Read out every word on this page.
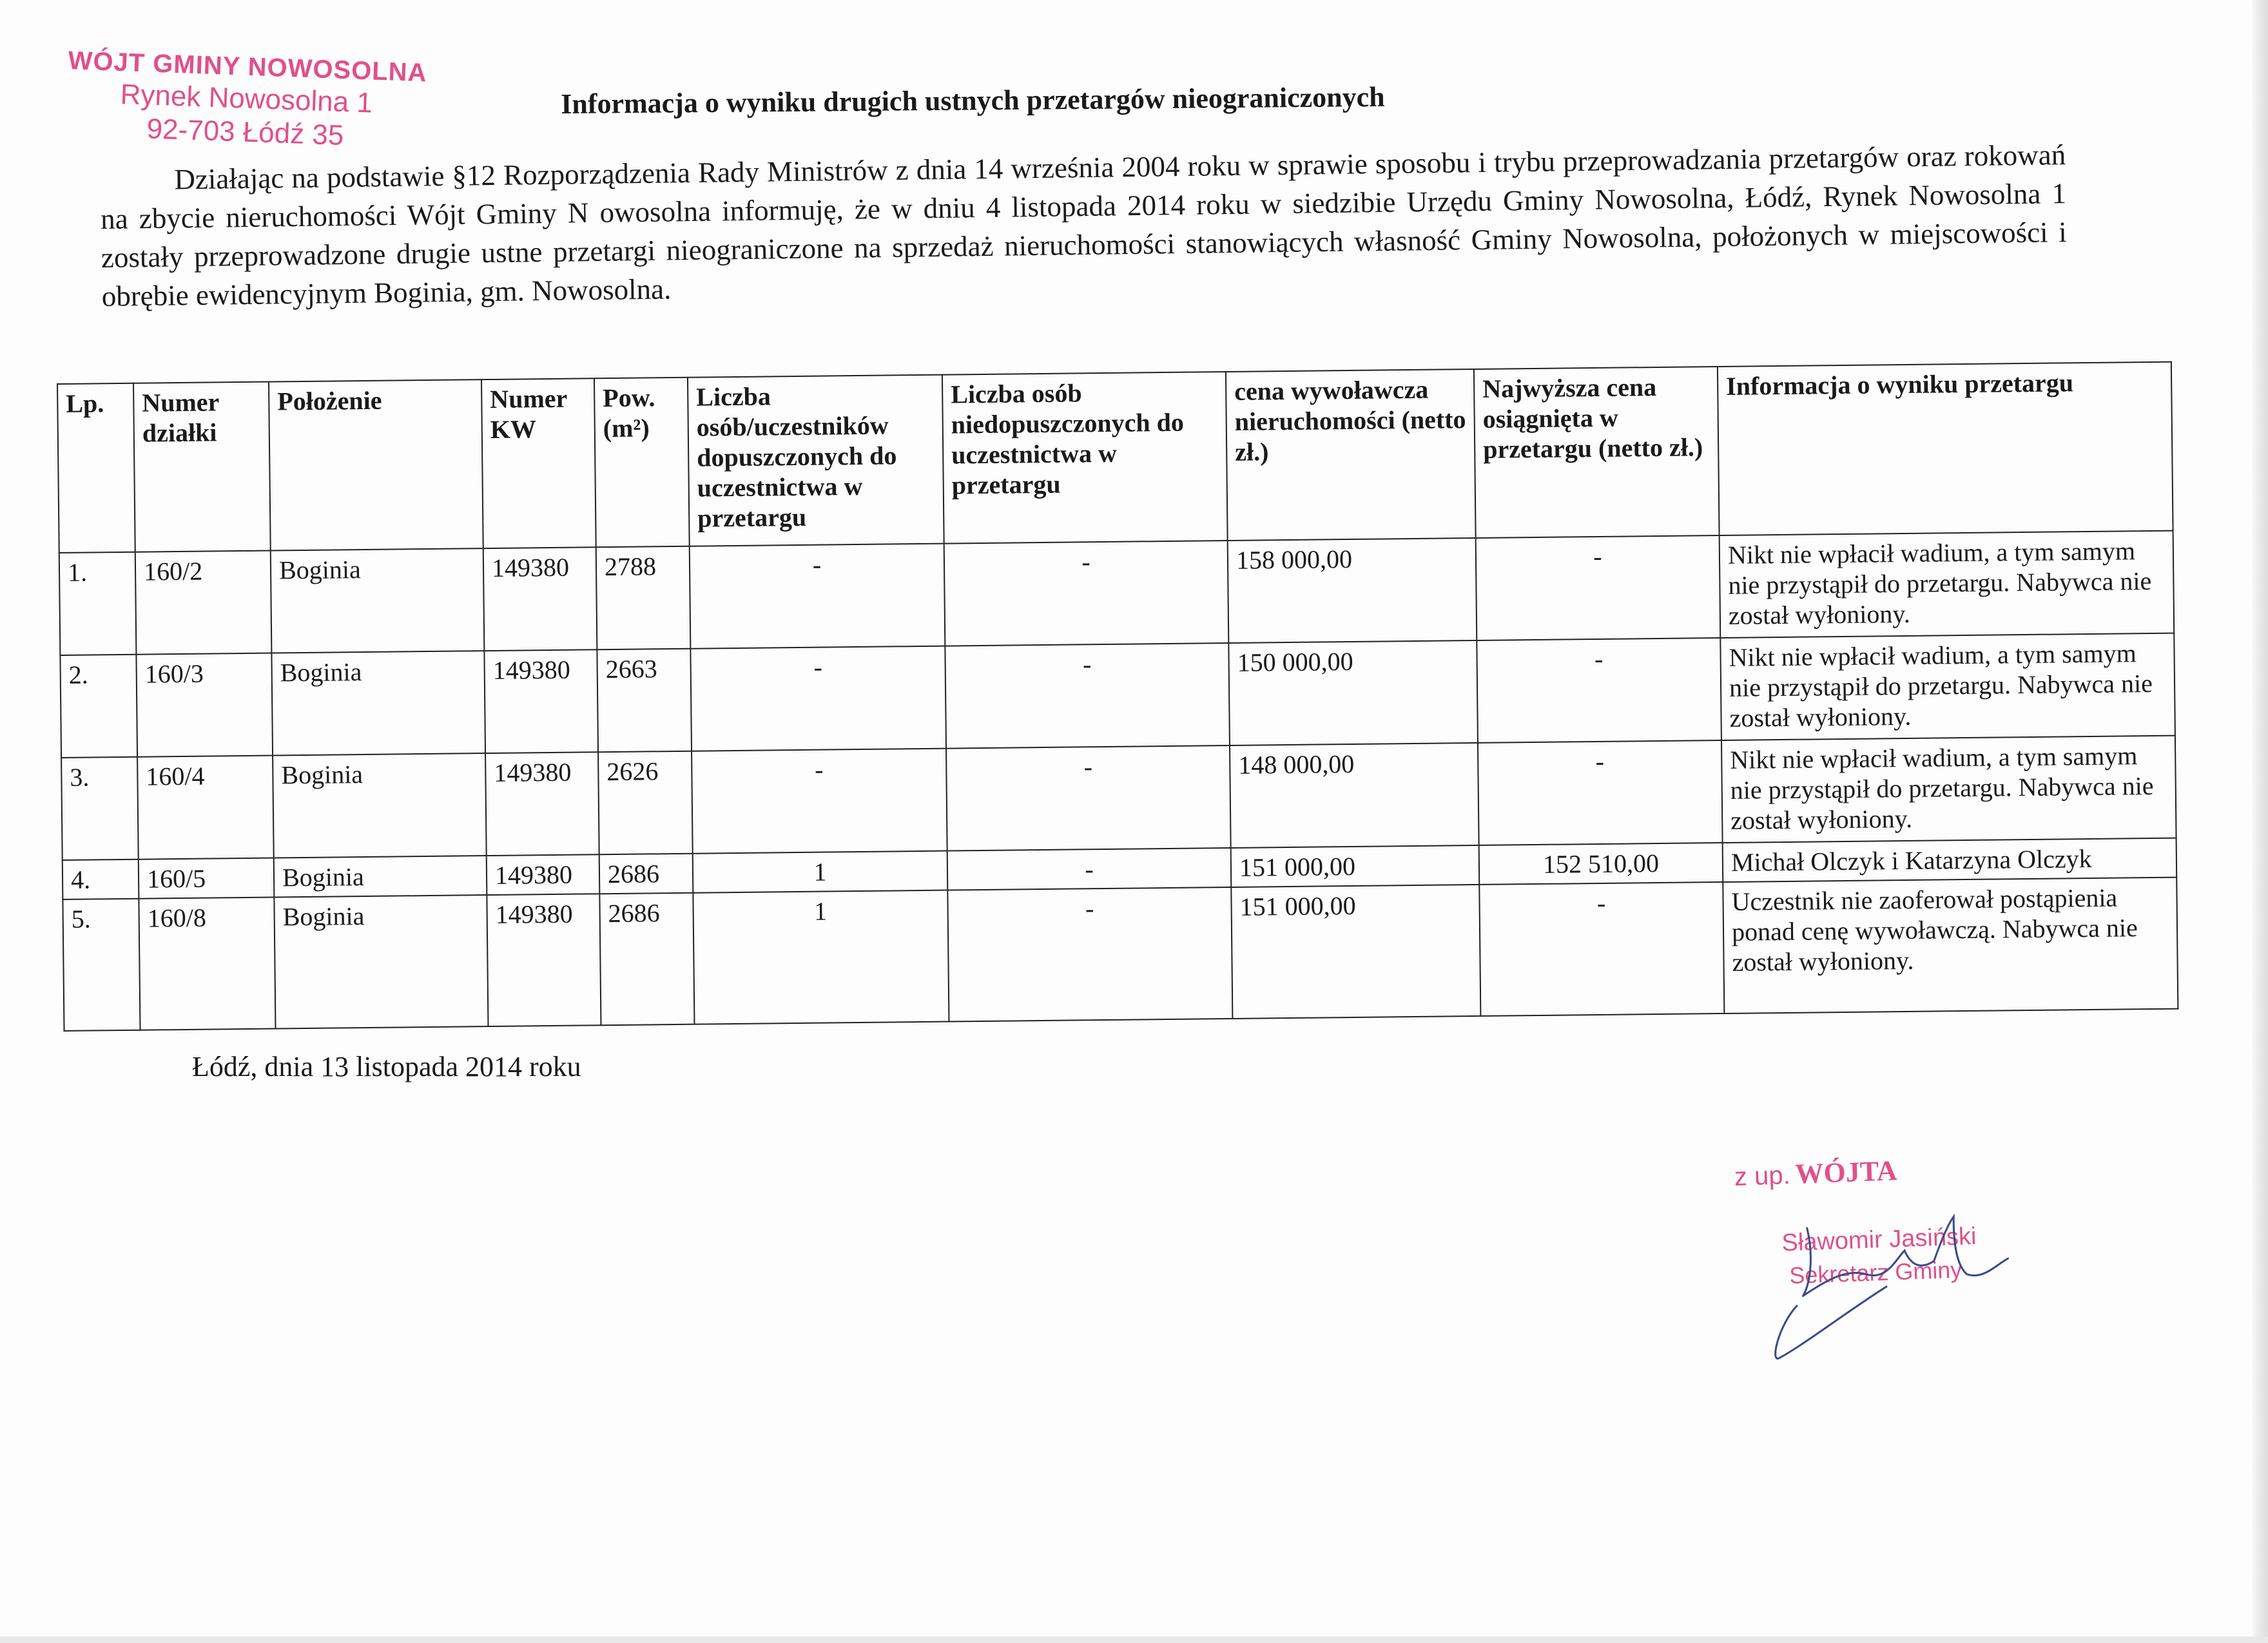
WÓJT GMINY NOWOSOLNA
Rynek Nowosolna 1
92-703 Łódź 35
Informacja o wyniku drugich ustnych przetargów nieograniczonych
Działając na podstawie §12 Rozporządzenia Rady Ministrów z dnia 14 września 2004 roku w sprawie sposobu i trybu przeprowadzania przetargów oraz rokowań na zbycie nieruchomości Wójt Gminy N owosolna informuję, że w dniu 4 listopada 2014 roku w siedzibie Urzędu Gminy Nowosolna, Łódź, Rynek Nowosolna 1 zostały przeprowadzone drugie ustne przetargi nieograniczone na sprzedaż nieruchomości stanowiących własność Gminy Nowosolna, położonych w miejscowości i obrębie ewidencyjnym Boginia, gm. Nowosolna.
Lp.	Numer działki	Położenie	Numer KW	Pow. (m²)	Liczba osób/uczestników dopuszczonych do uczestnictwa w przetargu	Liczba osób niedopuszczonych do uczestnictwa w przetargu	cena wywoławcza nieruchomości (netto zł.)	Najwyższa cena osiągnięta w przetargu (netto zł.)	Informacja o wyniku przetargu
1.	160/2	Boginia	149380	2788	-	-	158 000,00	-	Nikt nie wpłacił wadium, a tym samym nie przystąpił do przetargu. Nabywca nie został wyłoniony.
2.	160/3	Boginia	149380	2663	-	-	150 000,00	-	Nikt nie wpłacił wadium, a tym samym nie przystąpił do przetargu. Nabywca nie został wyłoniony.
3.	160/4	Boginia	149380	2626	-	-	148 000,00	-	Nikt nie wpłacił wadium, a tym samym nie przystąpił do przetargu. Nabywca nie został wyłoniony.
4.	160/5	Boginia	149380	2686	1	-	151 000,00	152 510,00	Michał Olczyk i Katarzyna Olczyk
5.	160/8	Boginia	149380	2686	1	-	151 000,00	-	Uczestnik nie zaoferował postąpienia ponad cenę wywoławczą. Nabywca nie został wyłoniony.
Łódź, dnia 13 listopada 2014 roku
z up. WÓJTA
Sławomir Jasiński
Sekretarz Gminy
